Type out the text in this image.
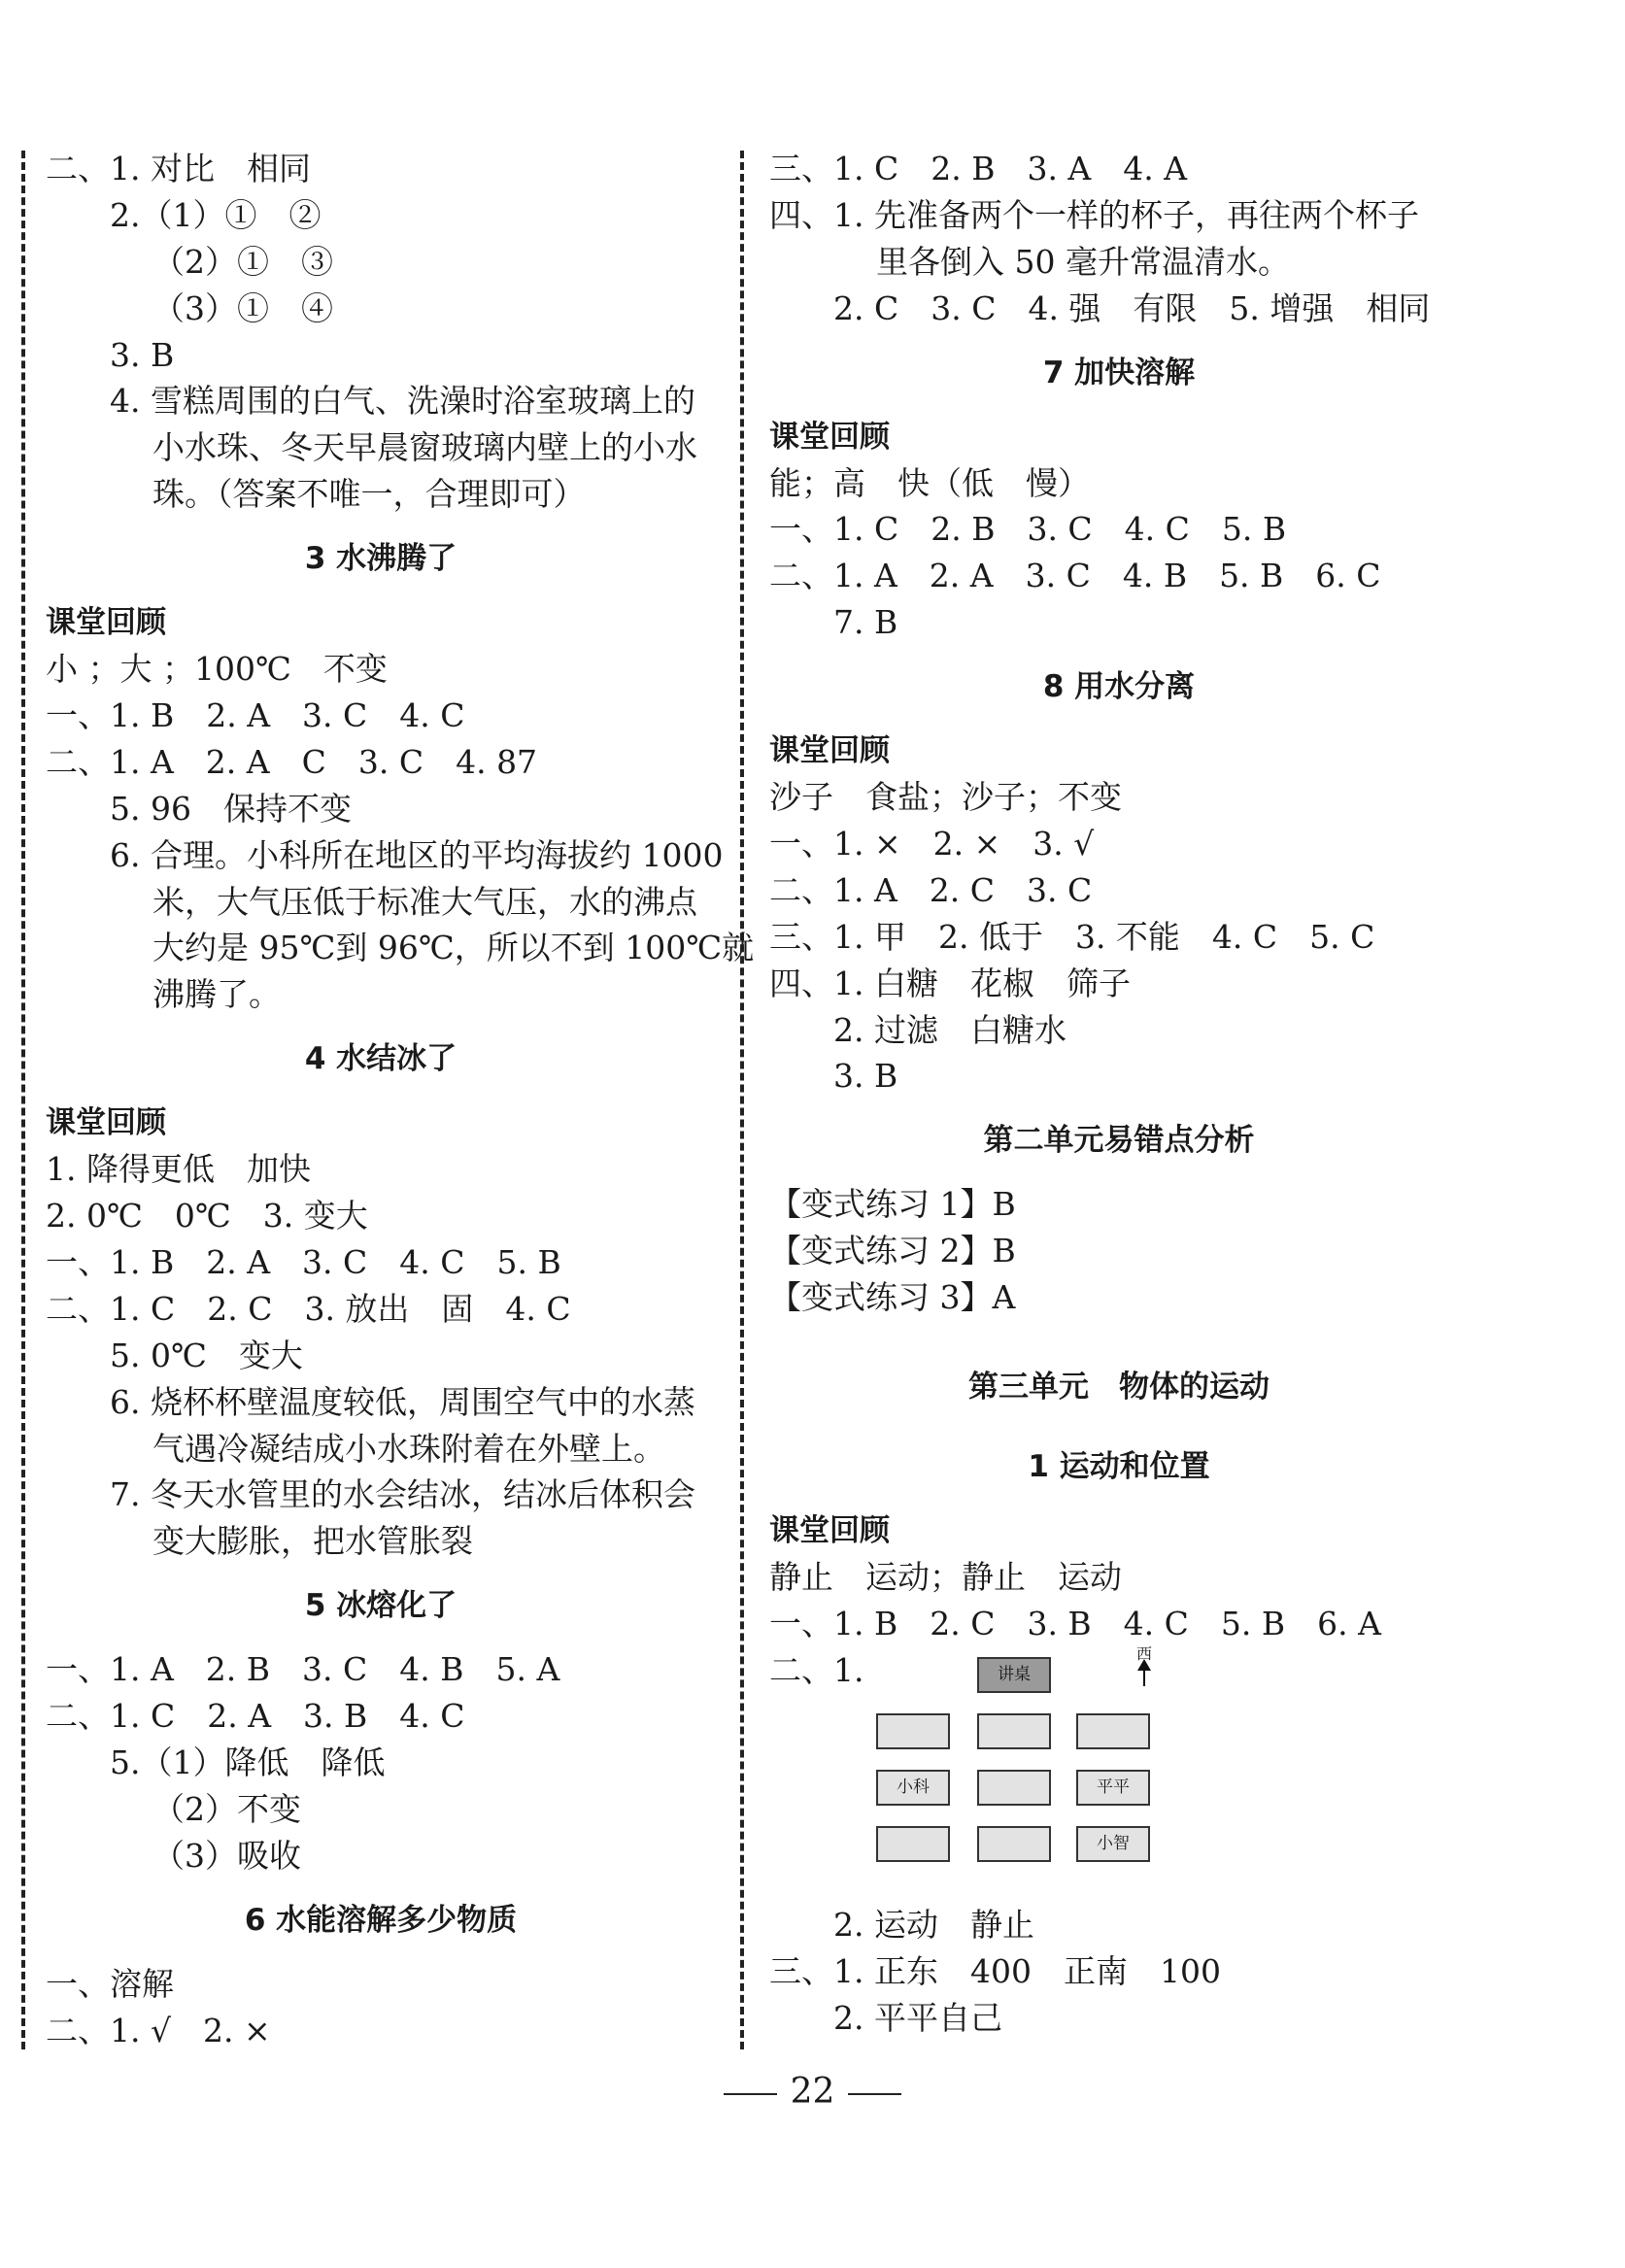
二、1. 对比　相同
2.（1）①　②
（2）①　③
（3）①　④
3. B
4. 雪糕周围的白气、洗澡时浴室玻璃上的
小水珠、冬天早晨窗玻璃内壁上的小水
珠。（答案不唯一，合理即可）
3 水沸腾了
课堂回顾
小 ；大 ；100℃　不变
一、1. B　2. A　3. C　4. C
二、1. A　2. A　C　3. C　4. 87
5. 96　保持不变
6. 合理。小科所在地区的平均海拔约 1000
米，大气压低于标准大气压，水的沸点
大约是 95℃到 96℃，所以不到 100℃就
沸腾了。
4 水结冰了
课堂回顾
1. 降得更低　加快
2. 0℃　0℃　3. 变大
一、1. B　2. A　3. C　4. C　5. B
二、1. C　2. C　3. 放出　固　4. C
5. 0℃　变大
6. 烧杯杯壁温度较低，周围空气中的水蒸
气遇冷凝结成小水珠附着在外壁上。
7. 冬天水管里的水会结冰，结冰后体积会
变大膨胀，把水管胀裂
5 冰熔化了
一、1. A　2. B　3. C　4. B　5. A
二、1. C　2. A　3. B　4. C
5.（1）降低　降低
（2）不变
（3）吸收
6 水能溶解多少物质
一、溶解
二、1. √　2. ×
三、1. C　2. B　3. A　4. A
四、1. 先准备两个一样的杯子，再往两个杯子
里各倒入 50 毫升常温清水。
2. C　3. C　4. 强　有限　5. 增强　相同
7 加快溶解
课堂回顾
能；高　快（低　慢）
一、1. C　2. B　3. C　4. C　5. B
二、1. A　2. A　3. C　4. B　5. B　6. C
7. B
8 用水分离
课堂回顾
沙子　食盐；沙子；不变
一、1. ×　2. ×　3. √
二、1. A　2. C　3. C
三、1. 甲　2. 低于　3. 不能　4. C　5. C
四、1. 白糖　花椒　筛子
2. 过滤　白糖水
3. B
第二单元易错点分析
【变式练习 1】B
【变式练习 2】B
【变式练习 3】A
第三单元　物体的运动
1 运动和位置
课堂回顾
静止　运动；静止　运动
一、1. B　2. C　3. B　4. C　5. B　6. A
二、1.	讲桌
西
小科	平平
小智
2. 运动　静止
三、1. 正东　400　正南　100
2. 平平自己
22
